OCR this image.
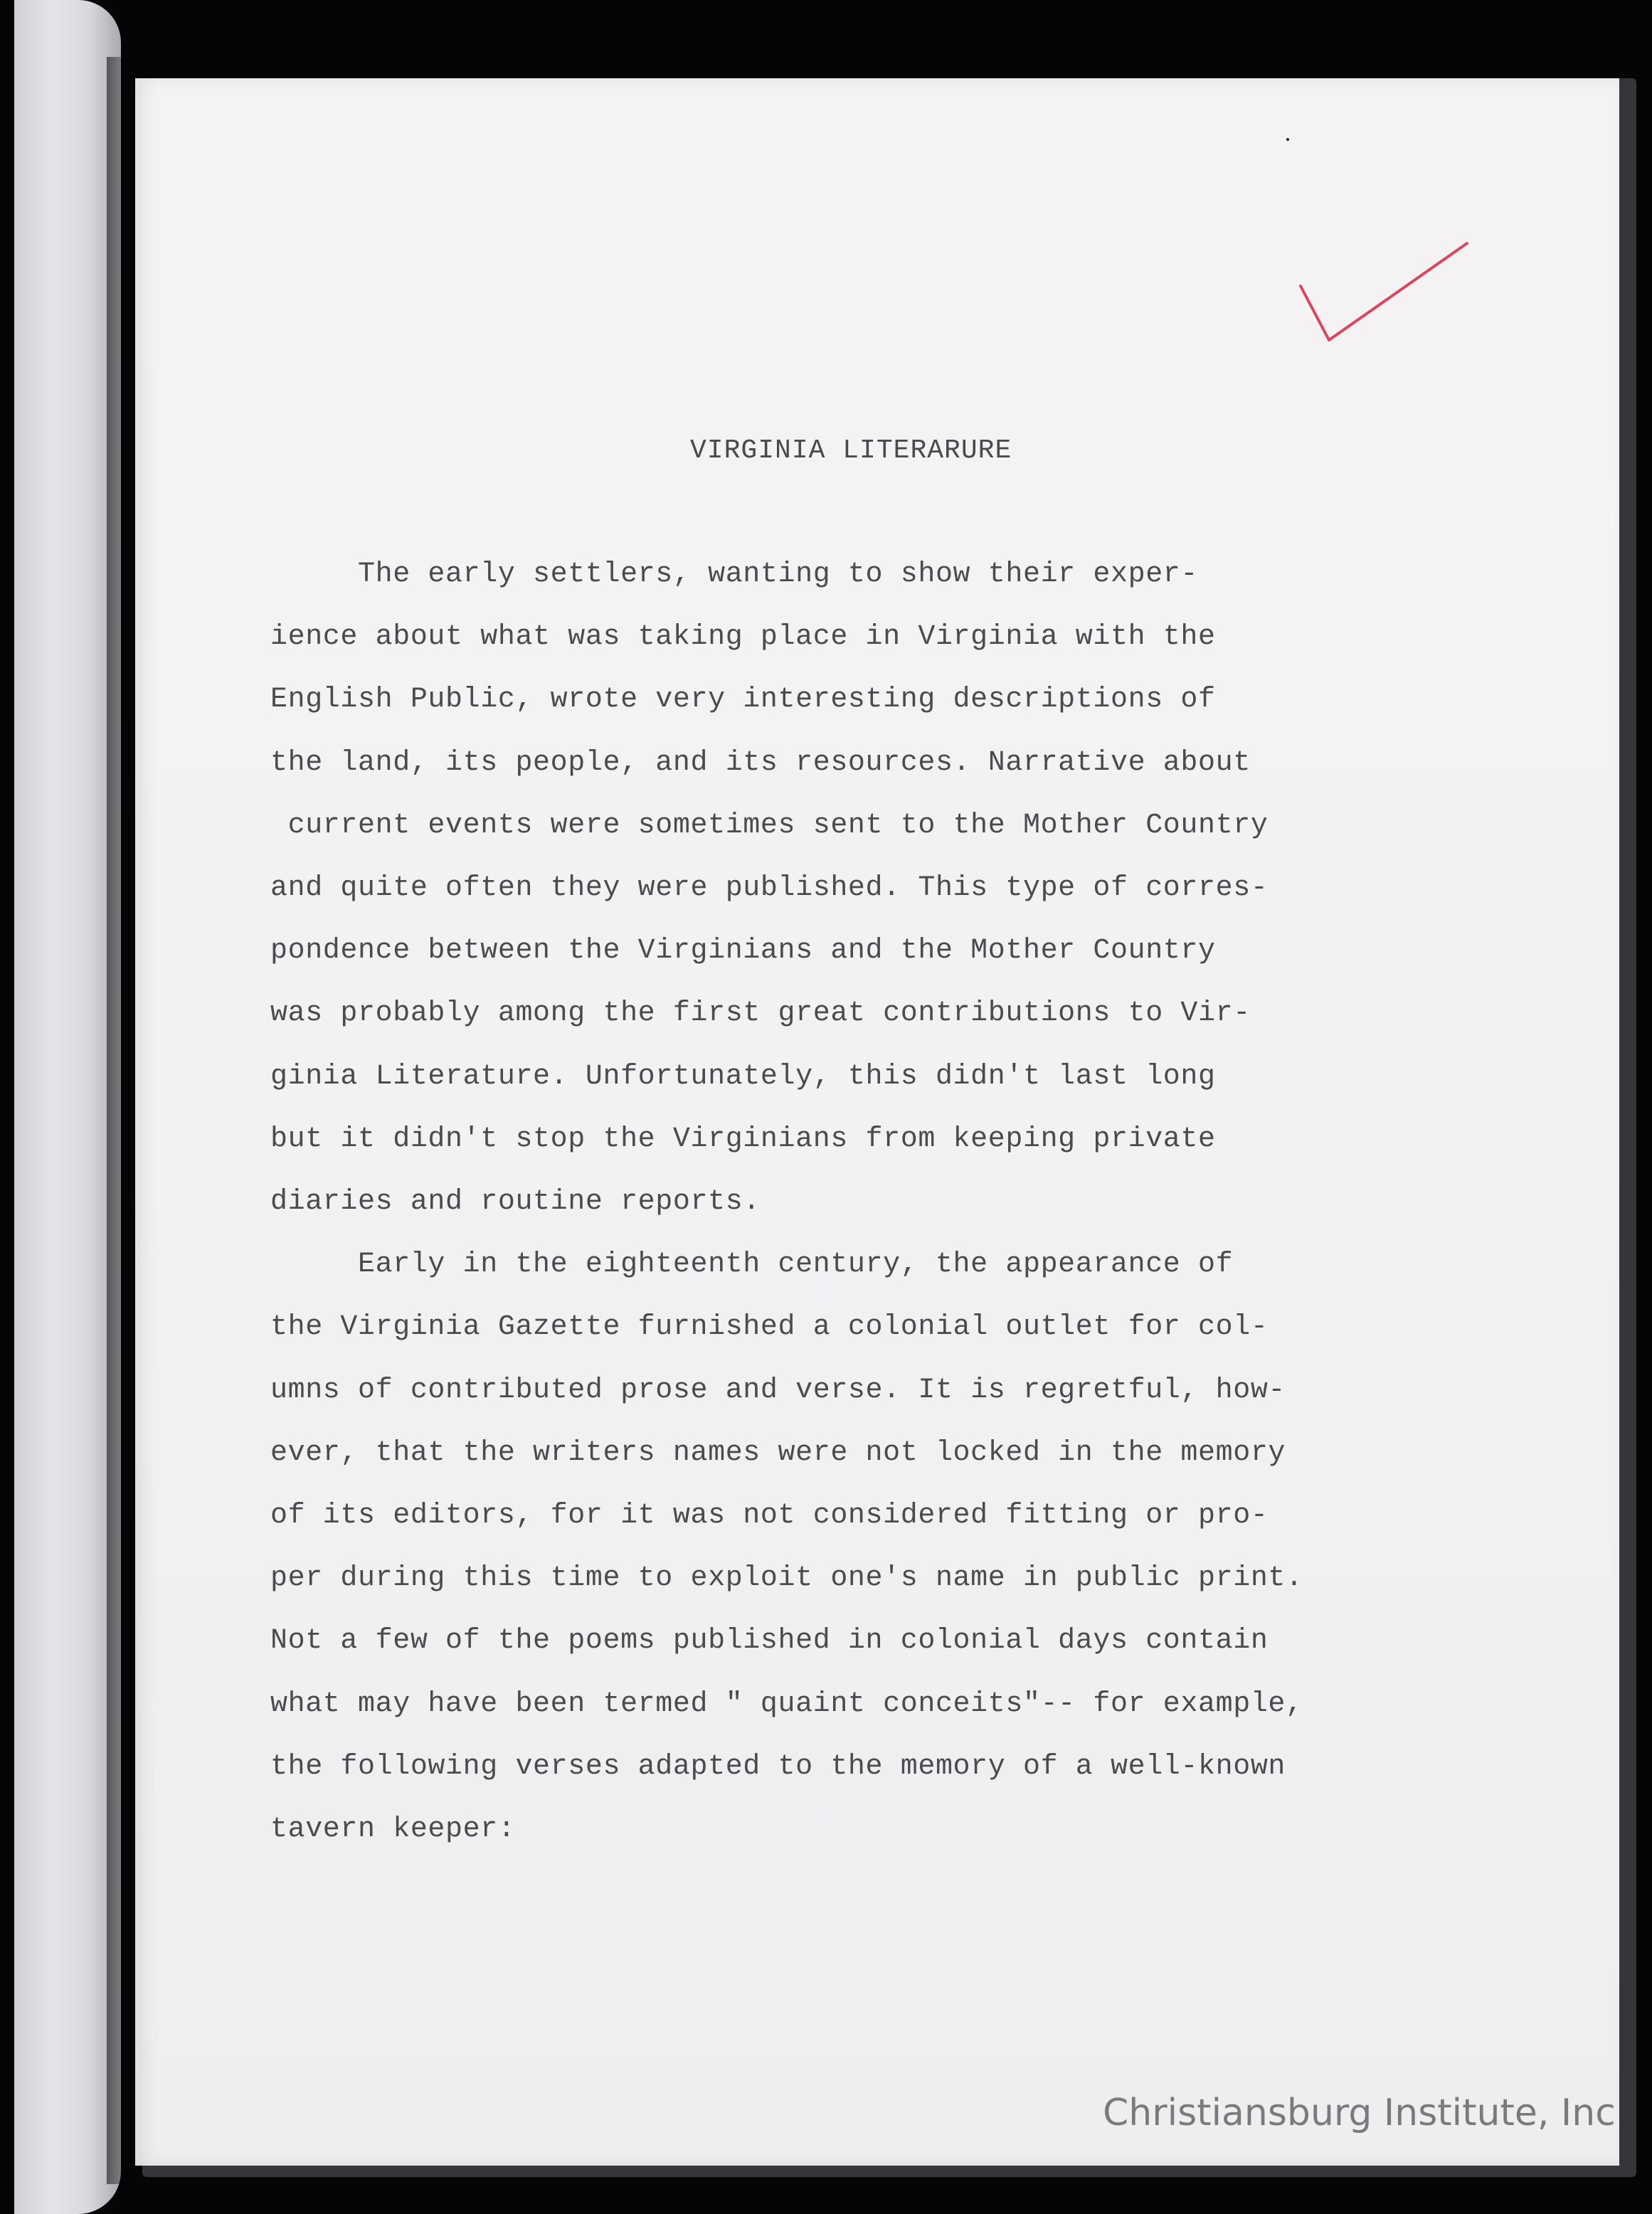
VIRGINIA LITERARURE
The early settlers, wanting to show their exper-
ience about what was taking place in Virginia with the
English Public, wrote very interesting descriptions of
the land, its people, and its resources. Narrative about
current events were sometimes sent to the Mother Country
and quite often they were published. This type of corres-
pondence between the Virginians and the Mother Country
was probably among the first great contributions to Vir-
ginia Literature. Unfortunately, this didn't last long
but it didn't stop the Virginians from keeping private
diaries and routine reports.
Early in the eighteenth century, the appearance of
the Virginia Gazette furnished a colonial outlet for col-
umns of contributed prose and verse. It is regretful, how-
ever, that the writers names were not locked in the memory
of its editors, for it was not considered fitting or pro-
per during this time to exploit one's name in public print.
Not a few of the poems published in colonial days contain
what may have been termed " quaint conceits"-- for example,
the following verses adapted to the memory of a well-known
tavern keeper:
Christiansburg Institute, Inc
